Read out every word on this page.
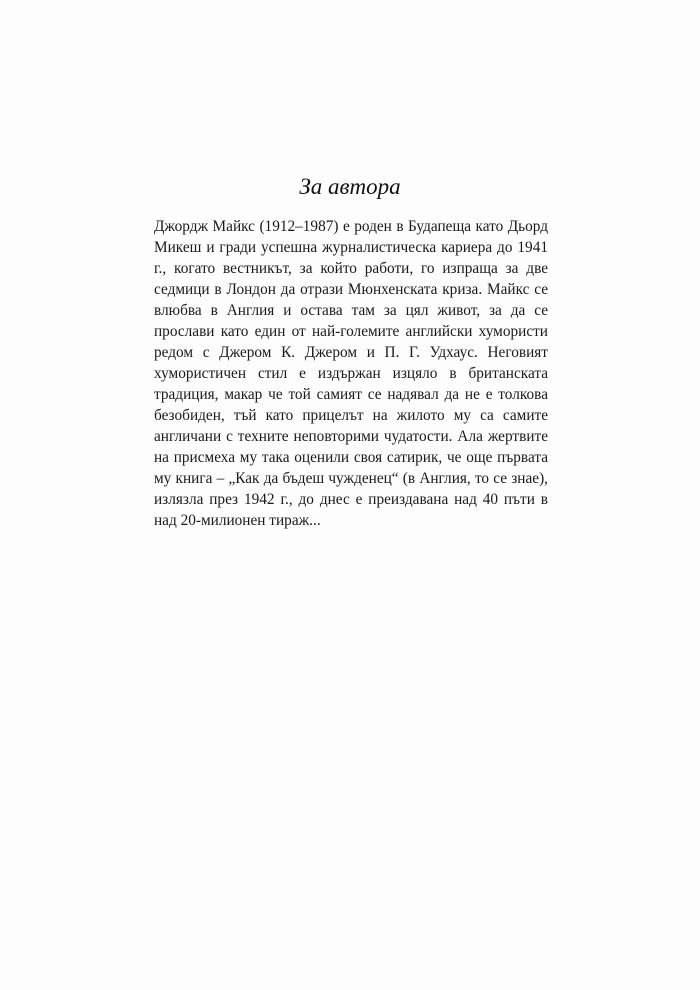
За автора

Джордж Майкс (1912–1987) е роден в Будапеща като Дьорд
Микеш и гради успешна журналистическа кариера до 1941
г., когато вестникът, за който работи, го изпраща за две
седмици в Лондон да отрази Мюнхенската криза. Майкс се
влюбва в Англия и остава там за цял живот, за да се
прослави като един от най-големите английски хумористи
редом с Джером К. Джером и П. Г. Удхаус. Неговият
хумористичен стил е издържан изцяло в британската
традиция, макар че той самият се надявал да не е толкова
безобиден, тъй като прицелът на жилото му са самите
англичани с техните неповторими чудатости. Ала жертвите
на присмеха му така оценили своя сатирик, че още първата
му книга – „Как да бъдеш чужденец“ (в Англия, то се знае),
излязла през 1942 г., до днес е преиздавана над 40 пъти в
над 20-милионен тираж...
